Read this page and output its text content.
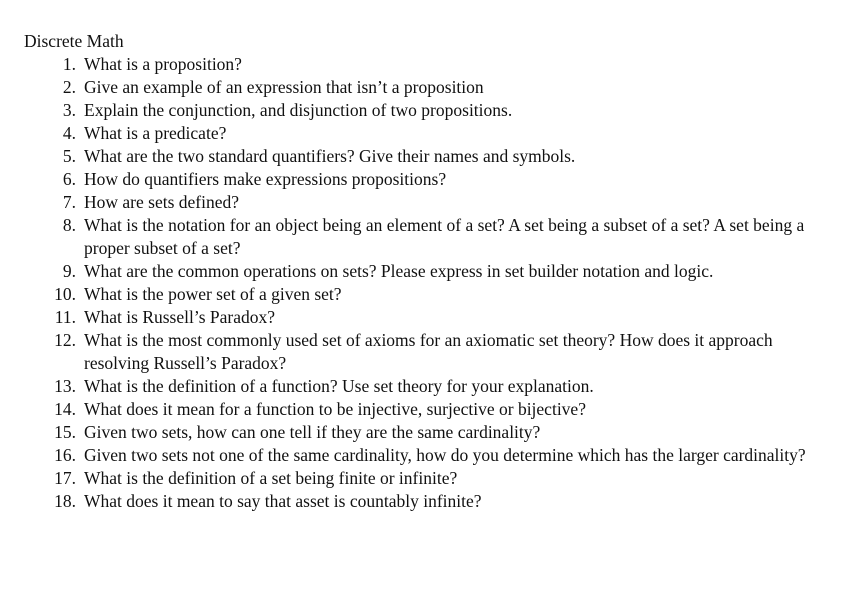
Discrete Math
1. What is a proposition?
2. Give an example of an expression that isn’t a proposition
3. Explain the conjunction, and disjunction of two propositions.
4. What is a predicate?
5. What are the two standard quantifiers? Give their names and symbols.
6. How do quantifiers make expressions propositions?
7. How are sets defined?
8. What is the notation for an object being an element of a set? A set being a subset of a set? A set being a proper subset of a set?
9. What are the common operations on sets? Please express in set builder notation and logic.
10. What is the power set of a given set?
11. What is Russell’s Paradox?
12. What is the most commonly used set of axioms for an axiomatic set theory? How does it approach resolving Russell’s Paradox?
13. What is the definition of a function? Use set theory for your explanation.
14. What does it mean for a function to be injective, surjective or bijective?
15. Given two sets, how can one tell if they are the same cardinality?
16. Given two sets not one of the same cardinality, how do you determine which has the larger cardinality?
17. What is the definition of a set being finite or infinite?
18. What does it mean to say that asset is countably infinite?
